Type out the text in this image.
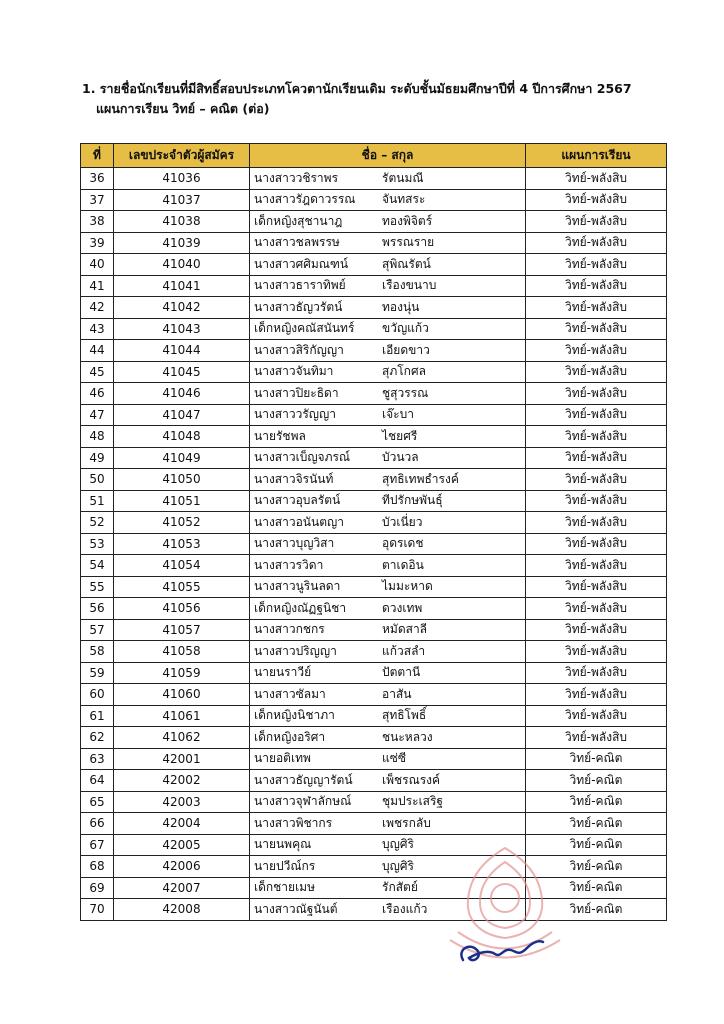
1. รายชื่อนักเรียนที่มีสิทธิ์สอบประเภทโควตานักเรียนเดิม ระดับชั้นมัธยมศึกษาปีที่ 4 ปีการศึกษา 2567
แผนการเรียน วิทย์ – คณิต (ต่อ)
ที่	เลขประจำตัวผู้สมัคร	ชื่อ – สกุล	แผนการเรียน
36	41036	นางสาววชิราพร รัตนมณี	วิทย์-พลังสิบ
37	41037	นางสาวรัฎดาวรรณ จันทสระ	วิทย์-พลังสิบ
38	41038	เด็กหญิงสุชานาฎ ทองพิจิตร์	วิทย์-พลังสิบ
39	41039	นางสาวชลพรรษ พรรณราย	วิทย์-พลังสิบ
40	41040	นางสาวศศิมณฑน์ สุพิณรัตน์	วิทย์-พลังสิบ
41	41041	นางสาวธาราทิพย์ เรืองขนาบ	วิทย์-พลังสิบ
42	41042	นางสาวธัญวรัตน์ ทองนุ่น	วิทย์-พลังสิบ
43	41043	เด็กหญิงคณัสนันทร์ ขวัญแก้ว	วิทย์-พลังสิบ
44	41044	นางสาวสิริกัญญา เอียดขาว	วิทย์-พลังสิบ
45	41045	นางสาวจันทิมา สุภโกศล	วิทย์-พลังสิบ
46	41046	นางสาวปิยะธิดา ชูสุวรรณ	วิทย์-พลังสิบ
47	41047	นางสาววรัญญา เจ๊ะบา	วิทย์-พลังสิบ
48	41048	นายรัชพล ไชยศรี	วิทย์-พลังสิบ
49	41049	นางสาวเบ็ญจภรณ์ บัวนวล	วิทย์-พลังสิบ
50	41050	นางสาวจิรนันท์ สุทธิเทพธำรงค์	วิทย์-พลังสิบ
51	41051	นางสาวอุบลรัตน์ ทีปรักษพันธุ์	วิทย์-พลังสิบ
52	41052	นางสาวอนันตญา บัวเนี่ยว	วิทย์-พลังสิบ
53	41053	นางสาวบุญวิสา อุดรเดช	วิทย์-พลังสิบ
54	41054	นางสาวรวิดา ตาเดอิน	วิทย์-พลังสิบ
55	41055	นางสาวนูรินลดา ไมมะหาด	วิทย์-พลังสิบ
56	41056	เด็กหญิงณัฏฐนิชา ดวงเทพ	วิทย์-พลังสิบ
57	41057	นางสาวกชกร หมัดสาลี	วิทย์-พลังสิบ
58	41058	นางสาวปริญญา แก้วสลำ	วิทย์-พลังสิบ
59	41059	นายนราวีย์ ปัตตานี	วิทย์-พลังสิบ
60	41060	นางสาวซัลมา อาสัน	วิทย์-พลังสิบ
61	41061	เด็กหญิงนิชาภา สุทธิโพธิ์	วิทย์-พลังสิบ
62	41062	เด็กหญิงอริศา ชนะหลวง	วิทย์-พลังสิบ
63	42001	นายอติเทพ แซ่ซี	วิทย์-คณิต
64	42002	นางสาวธัญญารัตน์ เพ็ชรณรงค์	วิทย์-คณิต
65	42003	นางสาวจุฬาลักษณ์ ชุมประเสริฐ	วิทย์-คณิต
66	42004	นางสาวพิชากร เพชรกลับ	วิทย์-คณิต
67	42005	นายนพคุณ บุญศิริ	วิทย์-คณิต
68	42006	นายปวีณ์กร บุญศิริ	วิทย์-คณิต
69	42007	เด็กชายเมษ รักสัตย์	วิทย์-คณิต
70	42008	นางสาวณัฐนันต์ เรืองแก้ว	วิทย์-คณิต
